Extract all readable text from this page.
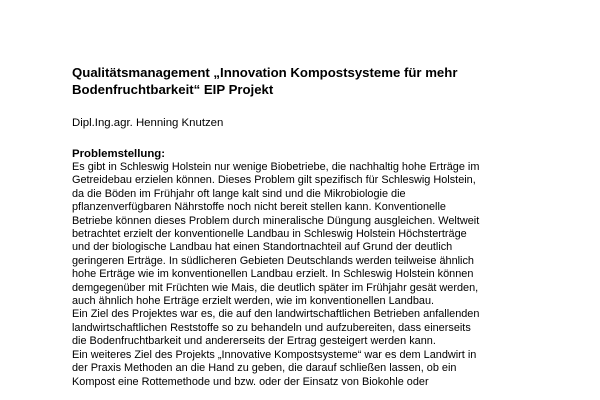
Qualitätsmanagement „Innovation Kompostsysteme für mehr
Bodenfruchtbarkeit“ EIP Projekt
Dipl.Ing.agr. Henning Knutzen
Problemstellung:
Es gibt in Schleswig Holstein nur wenige Biobetriebe, die nachhaltig hohe Erträge im
Getreidebau erzielen können. Dieses Problem gilt spezifisch für Schleswig Holstein,
da die Böden im Frühjahr oft lange kalt sind und die Mikrobiologie die
pflanzenverfügbaren Nährstoffe noch nicht bereit stellen kann. Konventionelle
Betriebe können dieses Problem durch mineralische Düngung ausgleichen. Weltweit
betrachtet erzielt der konventionelle Landbau in Schleswig Holstein Höchsterträge
und der biologische Landbau hat einen Standortnachteil auf Grund der deutlich
geringeren Erträge. In südlicheren Gebieten Deutschlands werden teilweise ähnlich
hohe Erträge wie im konventionellen Landbau erzielt. In Schleswig Holstein können
demgegenüber mit Früchten wie Mais, die deutlich später im Frühjahr gesät werden,
auch ähnlich hohe Erträge erzielt werden, wie im konventionellen Landbau.
Ein Ziel des Projektes war es, die auf den landwirtschaftlichen Betrieben anfallenden
landwirtschaftlichen Reststoffe so zu behandeln und aufzubereiten, dass einerseits
die Bodenfruchtbarkeit und andererseits der Ertrag gesteigert werden kann.
Ein weiteres Ziel des Projekts „Innovative Kompostsysteme“ war es dem Landwirt in
der Praxis Methoden an die Hand zu geben, die darauf schließen lassen, ob ein
Kompost eine Rottemethode und bzw. oder der Einsatz von Biokohle oder
